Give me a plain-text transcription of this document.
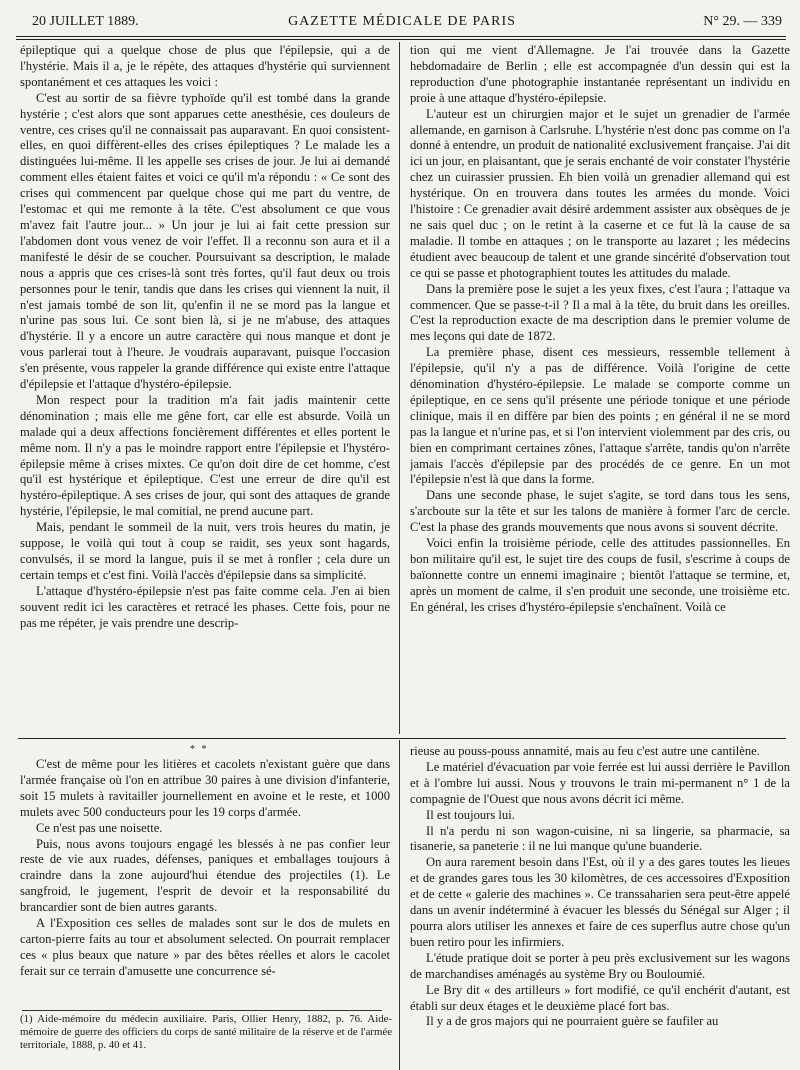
20 JUILLET 1889.	GAZETTE MÉDICALE DE PARIS	N° 29. — 339

épileptique qui a quelque chose de plus que l'épilepsie, qui a de l'hystérie. Mais il a, je le répète, des attaques d'hystérie qui surviennent spontanément et ces attaques les voici :

C'est au sortir de sa fièvre typhoïde qu'il est tombé dans la grande hystérie ; c'est alors que sont apparues cette anesthésie, ces douleurs de ventre, ces crises qu'il ne connaissait pas auparavant. En quoi consistent-elles, en quoi diffèrent-elles des crises épileptiques ? Le malade les a distinguées lui-même. Il les appelle ses crises de jour. Je lui ai demandé comment elles étaient faites et voici ce qu'il m'a répondu : « Ce sont des crises qui commencent par quelque chose qui me part du ventre, de l'estomac et qui me remonte à la tête. C'est absolument ce que vous m'avez fait l'autre jour... » Un jour je lui ai fait cette pression sur l'abdomen dont vous venez de voir l'effet. Il a reconnu son aura et il a manifesté le désir de se coucher. Poursuivant sa description, le malade nous a appris que ces crises-là sont très fortes, qu'il faut deux ou trois personnes pour le tenir, tandis que dans les crises qui viennent la nuit, il n'est jamais tombé de son lit, qu'enfin il ne se mord pas la langue et n'urine pas sous lui. Ce sont bien là, si je ne m'abuse, des attaques d'hystérie. Il y a encore un autre caractère qui nous manque et dont je vous parlerai tout à l'heure. Je voudrais auparavant, puisque l'occasion s'en présente, vous rappeler la grande différence qui existe entre l'attaque d'épilepsie et l'attaque d'hystéro-épilepsie.

Mon respect pour la tradition m'a fait jadis maintenir cette dénomination ; mais elle me gêne fort, car elle est absurde. Voilà un malade qui a deux affections foncièrement différentes et elles portent le même nom. Il n'y a pas le moindre rapport entre l'épilepsie et l'hystéro-épilepsie même à crises mixtes. Ce qu'on doit dire de cet homme, c'est qu'il est hystérique et épileptique. C'est une erreur de dire qu'il est hystéro-épileptique. A ses crises de jour, qui sont des attaques de grande hystérie, l'épilepsie, le mal comitial, ne prend aucune part.

Mais, pendant le sommeil de la nuit, vers trois heures du matin, je suppose, le voilà qui tout à coup se raidit, ses yeux sont hagards, convulsés, il se mord la langue, puis il se met à ronfler ; cela dure un certain temps et c'est fini. Voilà l'accès d'épilepsie dans sa simplicité.

L'attaque d'hystéro-épilepsie n'est pas faite comme cela. J'en ai bien souvent redit ici les caractères et retracé les phases. Cette fois, pour ne pas me répéter, je vais prendre une descrip-

tion qui me vient d'Allemagne. Je l'ai trouvée dans la Gazette hebdomadaire de Berlin ; elle est accompagnée d'un dessin qui est la reproduction d'une photographie instantanée représentant un individu en proie à une attaque d'hystéro-épilepsie.

L'auteur est un chirurgien major et le sujet un grenadier de l'armée allemande, en garnison à Carlsruhe. L'hystérie n'est donc pas comme on l'a donné à entendre, un produit de nationalité exclusivement française. J'ai dit ici un jour, en plaisantant, que je serais enchanté de voir constater l'hystérie chez un cuirassier prussien. Eh bien voilà un grenadier allemand qui est hystérique. On en trouvera dans toutes les armées du monde. Voici l'histoire : Ce grenadier avait désiré ardemment assister aux obsèques de je ne sais quel duc ; on le retint à la caserne et ce fut là la cause de sa maladie. Il tombe en attaques ; on le transporte au lazaret ; les médecins étudient avec beaucoup de talent et une grande sincérité d'observation tout ce qui se passe et photographient toutes les attitudes du malade.

Dans la première pose le sujet a les yeux fixes, c'est l'aura ; l'attaque va commencer. Que se passe-t-il ? Il a mal à la tête, du bruit dans les oreilles. C'est la reproduction exacte de ma description dans le premier volume de mes leçons qui date de 1872.

La première phase, disent ces messieurs, ressemble tellement à l'épilepsie, qu'il n'y a pas de différence. Voilà l'origine de cette dénomination d'hystéro-épilepsie. Le malade se comporte comme un épileptique, en ce sens qu'il présente une période tonique et une période clinique, mais il en diffère par bien des points ; en général il ne se mord pas la langue et n'urine pas, et si l'on intervient violemment par des cris, ou bien en comprimant certaines zônes, l'attaque s'arrête, tandis qu'on n'arrête jamais l'accès d'épilepsie par des procédés de ce genre. En un mot l'épilepsie n'est là que dans la forme.

Dans une seconde phase, le sujet s'agite, se tord dans tous les sens, s'arcboute sur la tête et sur les talons de manière à former l'arc de cercle. C'est la phase des grands mouvements que nous avons si souvent décrite.

Voici enfin la troisième période, celle des attitudes passionnelles. En bon militaire qu'il est, le sujet tire des coups de fusil, s'escrime à coups de baïonnette contre un ennemi imaginaire ; bientôt l'attaque se termine, et, après un moment de calme, il s'en produit une seconde, une troisième etc. En général, les crises d'hystéro-épilepsie s'enchaînent. Voilà ce

* *

C'est de même pour les litières et cacolets n'existant guère que dans l'armée française où l'on en attribue 30 paires à une division d'infanterie, soit 15 mulets à ravitailler journellement en avoine et le reste, et 1000 mulets avec 500 conducteurs pour les 19 corps d'armée.

Ce n'est pas une noisette.

Puis, nous avons toujours engagé les blessés à ne pas confier leur reste de vie aux ruades, défenses, paniques et emballages toujours à craindre dans la zone aujourd'hui étendue des projectiles (1). Le sangfroid, le jugement, l'esprit de devoir et la responsabilité du brancardier sont de bien autres garants.

A l'Exposition ces selles de malades sont sur le dos de mulets en carton-pierre faits au tour et absolument selected. On pourrait remplacer ces « plus beaux que nature » par des bêtes réelles et alors le cacolet ferait sur ce terrain d'amusette une concurrence sé-

rieuse au pouss-pouss annamité, mais au feu c'est autre une cantilène.

Le matériel d'évacuation par voie ferrée est lui aussi derrière le Pavillon et à l'ombre lui aussi. Nous y trouvons le train mi-permanent n° 1 de la compagnie de l'Ouest que nous avons décrit ici même.

Il est toujours lui.

Il n'a perdu ni son wagon-cuisine, ni sa lingerie, sa pharmacie, sa tisanerie, sa paneterie : il ne lui manque qu'une buanderie.

On aura rarement besoin dans l'Est, où il y a des gares toutes les lieues et de grandes gares tous les 30 kilomètres, de ces accessoires d'Exposition et de cette « galerie des machines ». Ce transsaharien sera peut-être appelé dans un avenir indéterminé à évacuer les blessés du Sénégal sur Alger ; il pourra alors utiliser les annexes et faire de ces superflus autre chose qu'un buen retiro pour les infirmiers.

L'étude pratique doit se porter à peu près exclusivement sur les wagons de marchandises aménagés au système Bry ou Bouloumié.

Le Bry dit « des artilleurs » fort modifié, ce qu'il enchérit d'autant, est établi sur deux étages et le deuxième placé fort bas.

Il y a de gros majors qui ne pourraient guère se faufiler au

(1) Aide-mémoire du médecin auxiliaire. Paris, Ollier Henry, 1882, p. 76. Aide-mémoire de guerre des officiers du corps de santé militaire de la réserve et de l'armée territoriale, 1888, p. 40 et 41.
